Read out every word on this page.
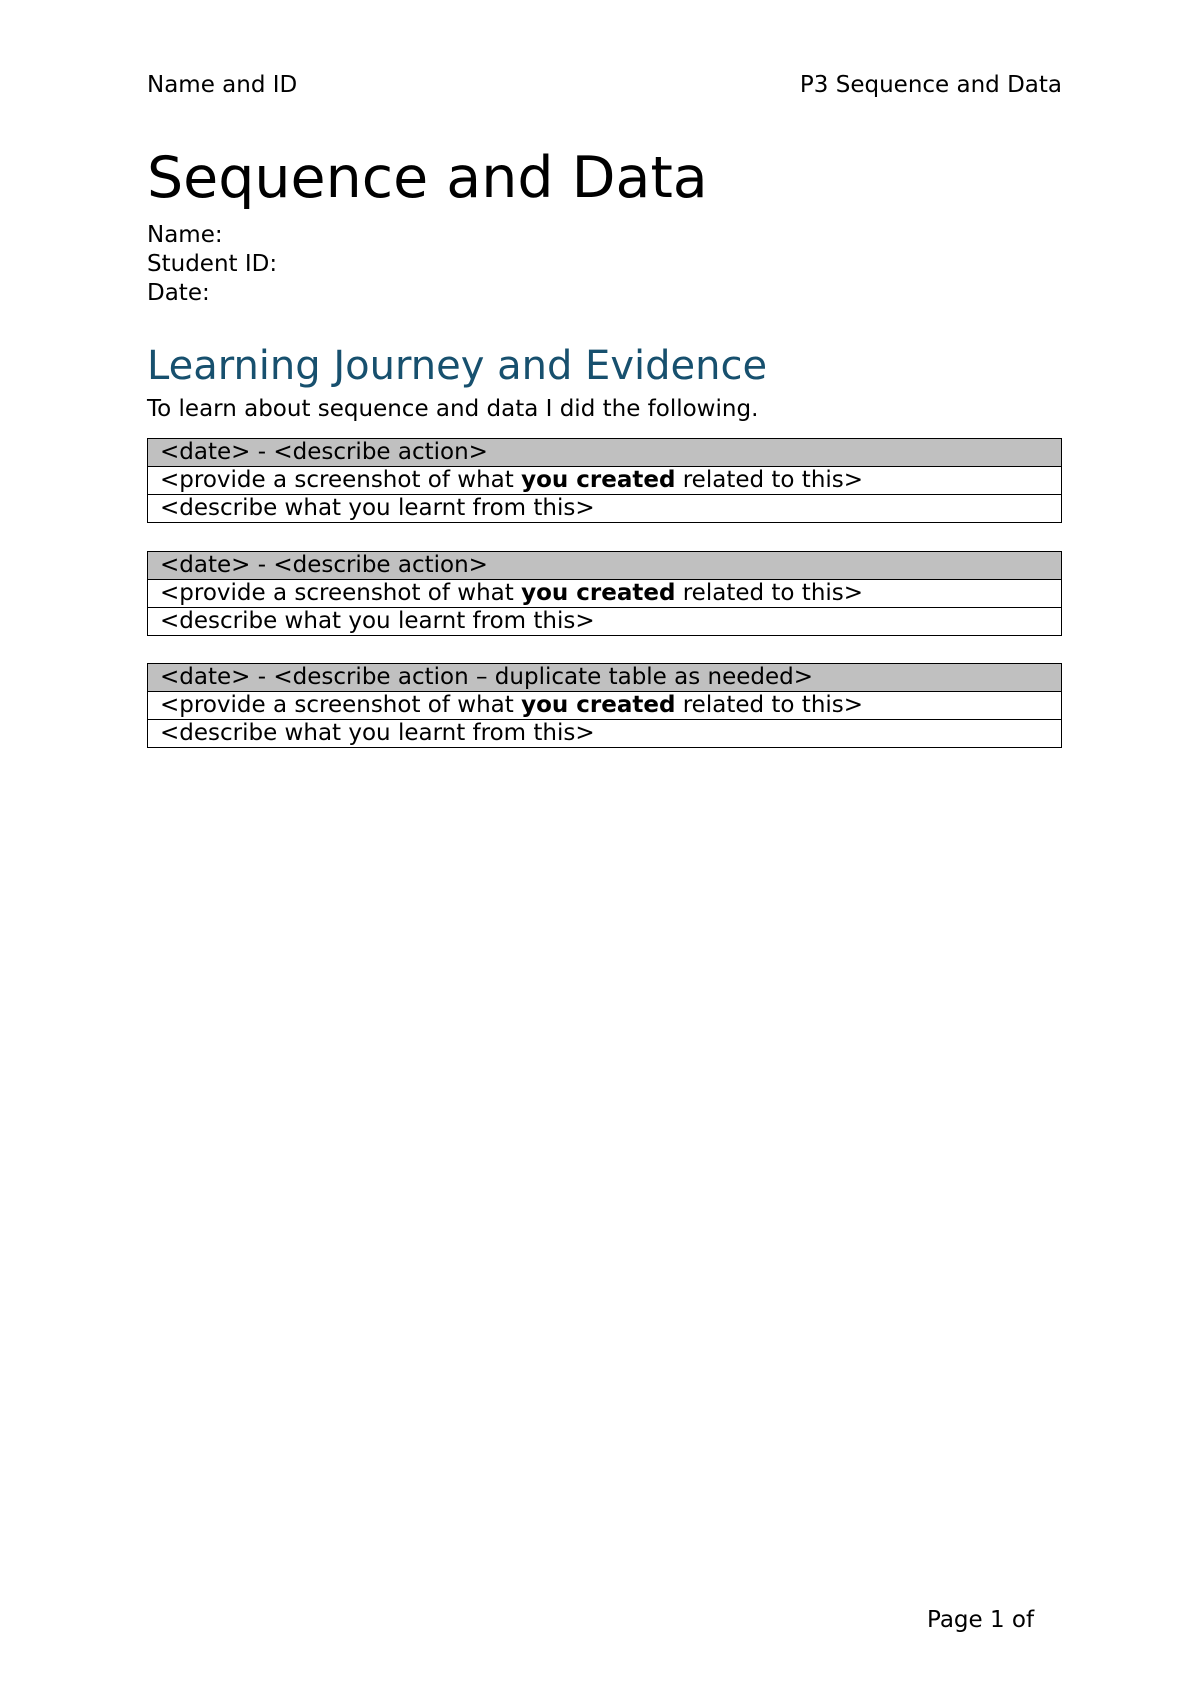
Name and ID	P3 Sequence and Data
Sequence and Data
Name:
Student ID:
Date:
Learning Journey and Evidence
To learn about sequence and data I did the following.
<date> - <describe action>
<provide a screenshot of what you created related to this>
<describe what you learnt from this>
<date> - <describe action>
<provide a screenshot of what you created related to this>
<describe what you learnt from this>
<date> - <describe action – duplicate table as needed>
<provide a screenshot of what you created related to this>
<describe what you learnt from this>
Page 1 of
